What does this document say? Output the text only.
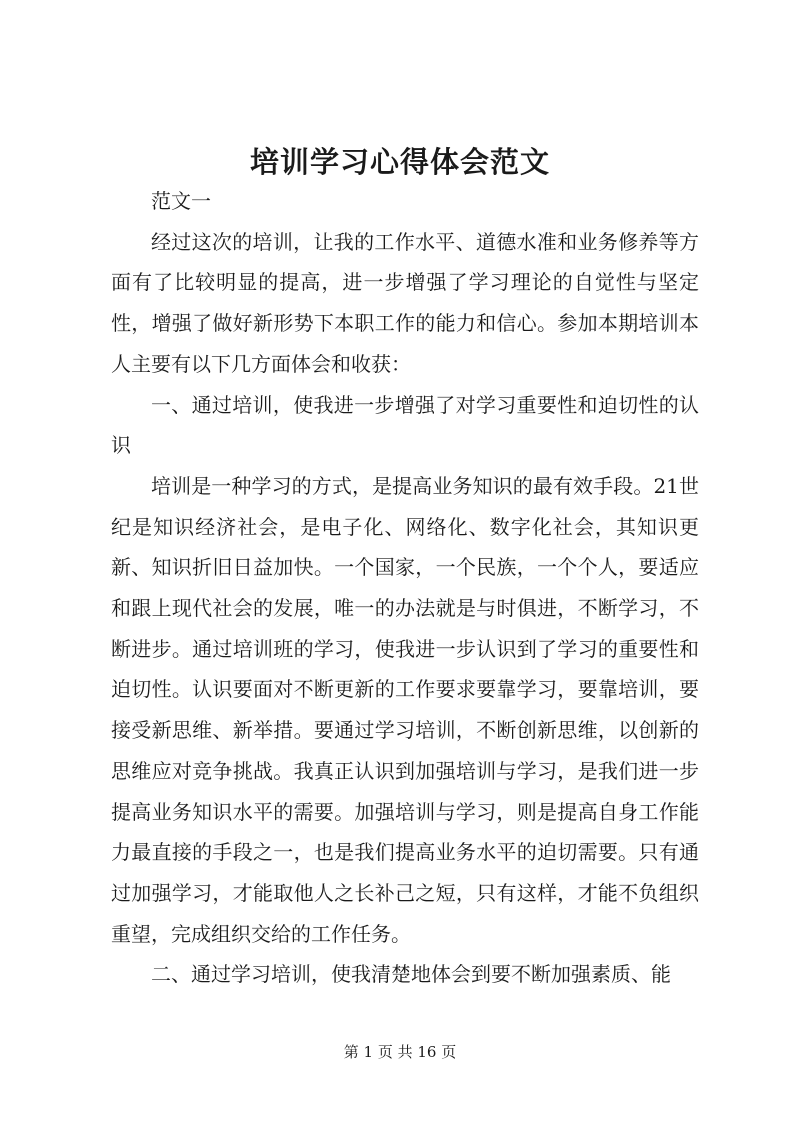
培训学习心得体会范文

范文一

经过这次的培训，让我的工作水平、道德水准和业务修养等方面有了比较明显的提高，进一步增强了学习理论的自觉性与坚定性，增强了做好新形势下本职工作的能力和信心。参加本期培训本人主要有以下几方面体会和收获：

一、通过培训，使我进一步增强了对学习重要性和迫切性的认识

培训是一种学习的方式，是提高业务知识的最有效手段。21世纪是知识经济社会，是电子化、网络化、数字化社会，其知识更新、知识折旧日益加快。一个国家，一个民族，一个个人，要适应和跟上现代社会的发展，唯一的办法就是与时俱进，不断学习，不断进步。通过培训班的学习，使我进一步认识到了学习的重要性和迫切性。认识要面对不断更新的工作要求要靠学习，要靠培训，要接受新思维、新举措。要通过学习培训，不断创新思维，以创新的思维应对竞争挑战。我真正认识到加强培训与学习，是我们进一步提高业务知识水平的需要。加强培训与学习，则是提高自身工作能力最直接的手段之一，也是我们提高业务水平的迫切需要。只有通过加强学习，才能取他人之长补己之短，只有这样，才能不负组织重望，完成组织交给的工作任务。

二、通过学习培训，使我清楚地体会到要不断加强素质、能

第 1 页 共 16 页
